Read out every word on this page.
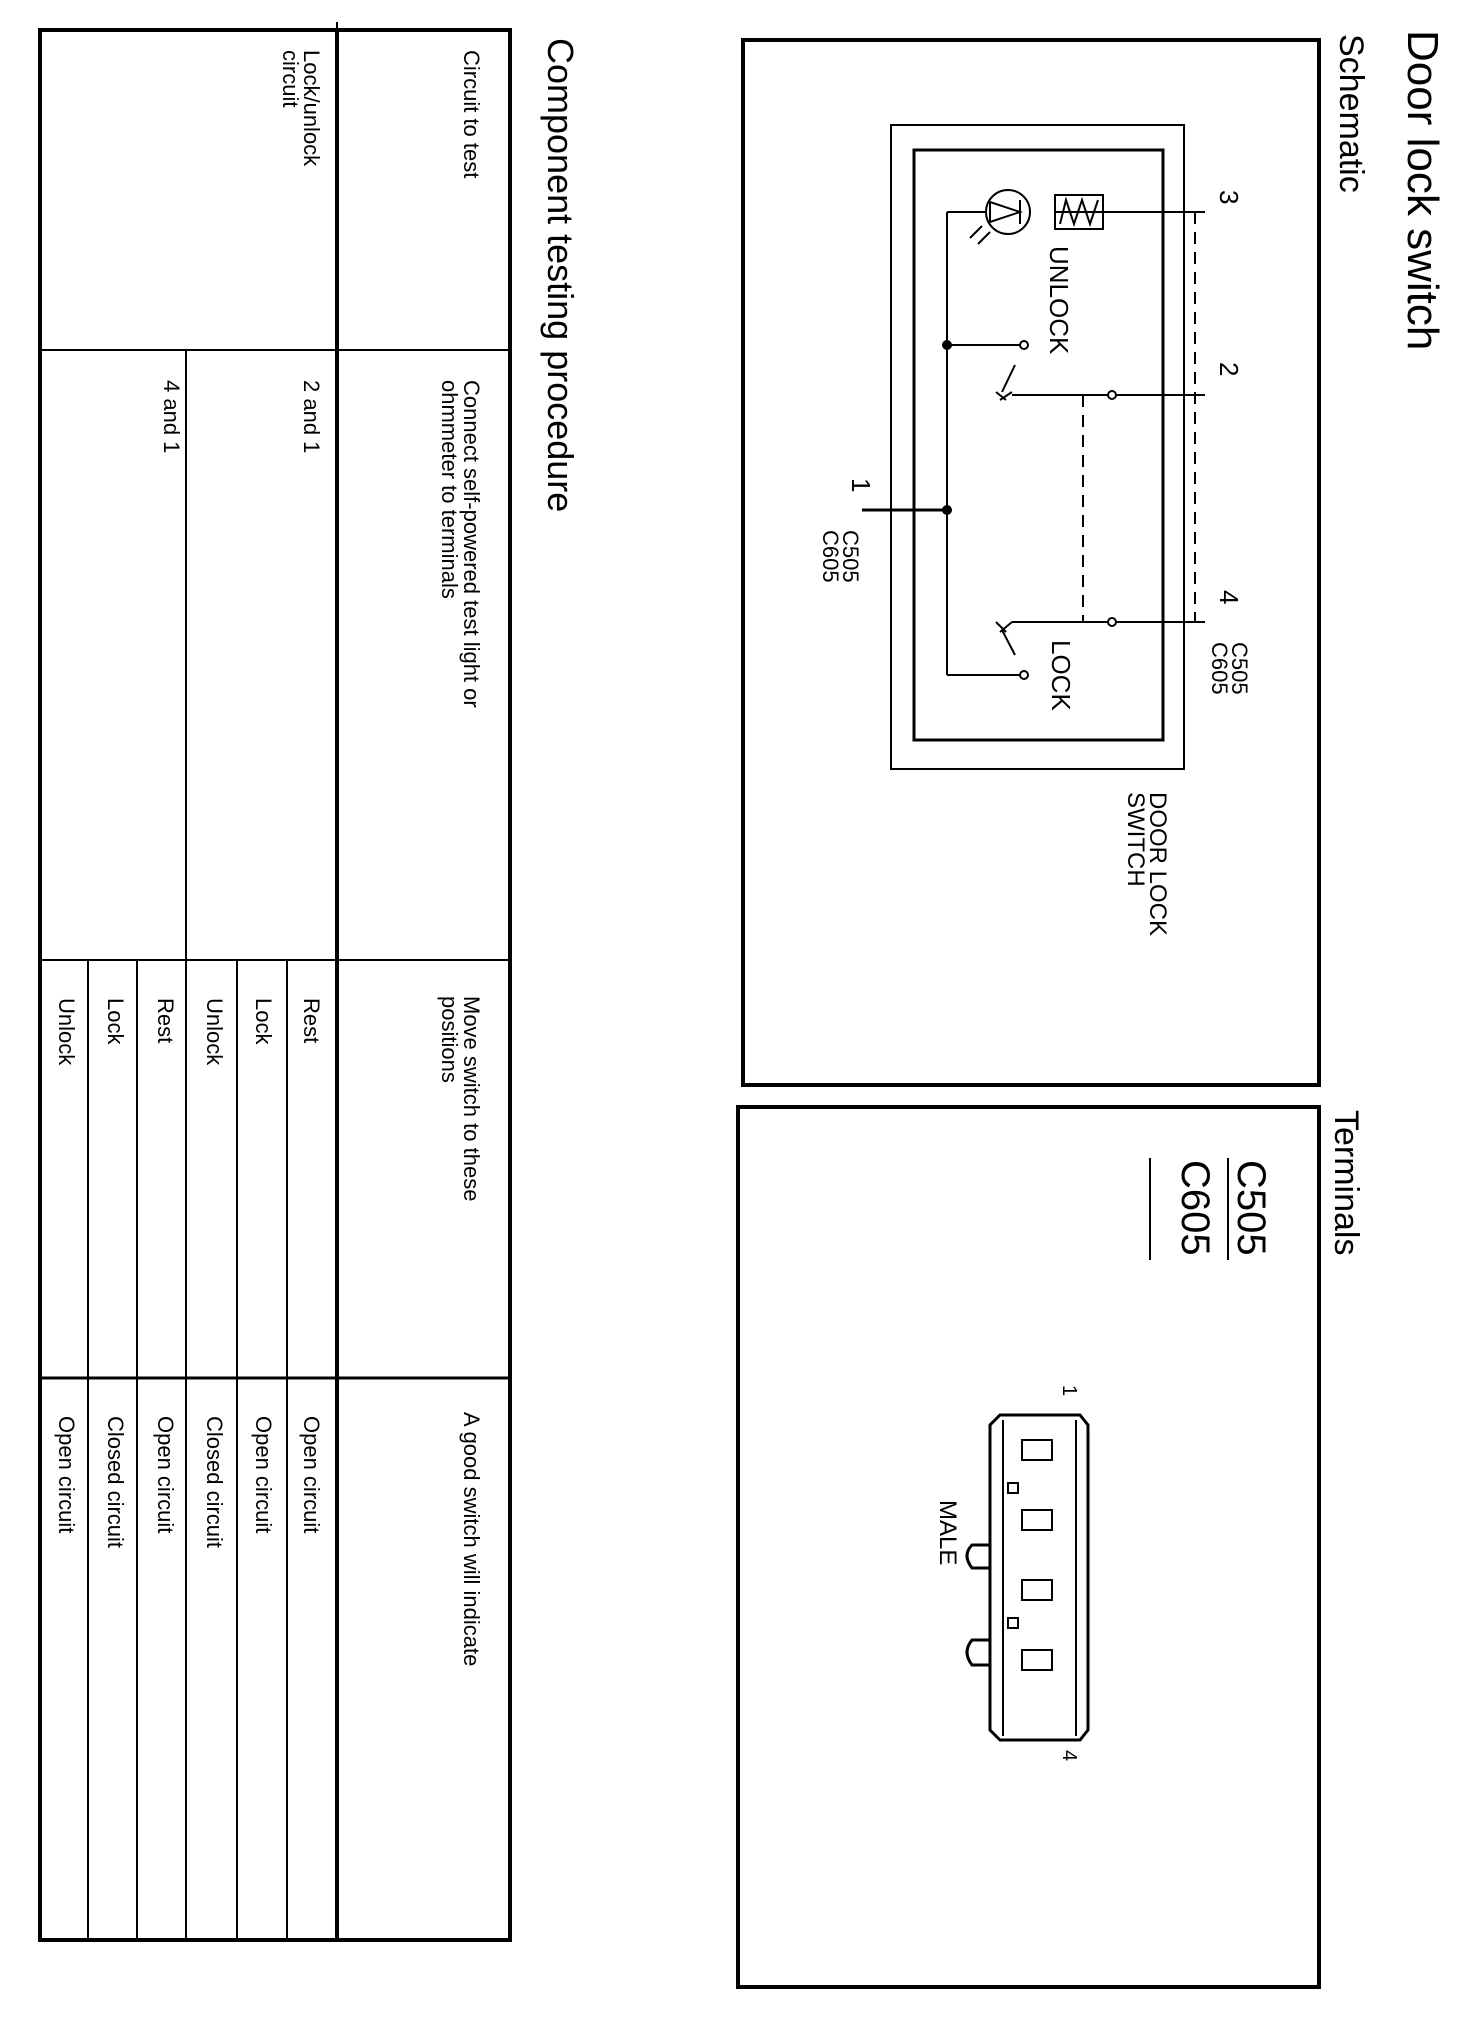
Door lock switch
Schematic
UNLOCK
LOCK
3
2
4
1
C505
C605
C505
C605
DOOR LOCK
SWITCH
Terminals
C505
C605
1
4
MALE
Component testing procedure
Circuit to test
Connect self-powered test light or
ohmmeter to terminals
Move switch to these
positions
A good switch will indicate
Lock/unlock
circuit
2 and 1
4 and 1
Rest
Open circuit
Lock
Open circuit
Unlock
Closed circuit
Rest
Open circuit
Lock
Closed circuit
Unlock
Open circuit
